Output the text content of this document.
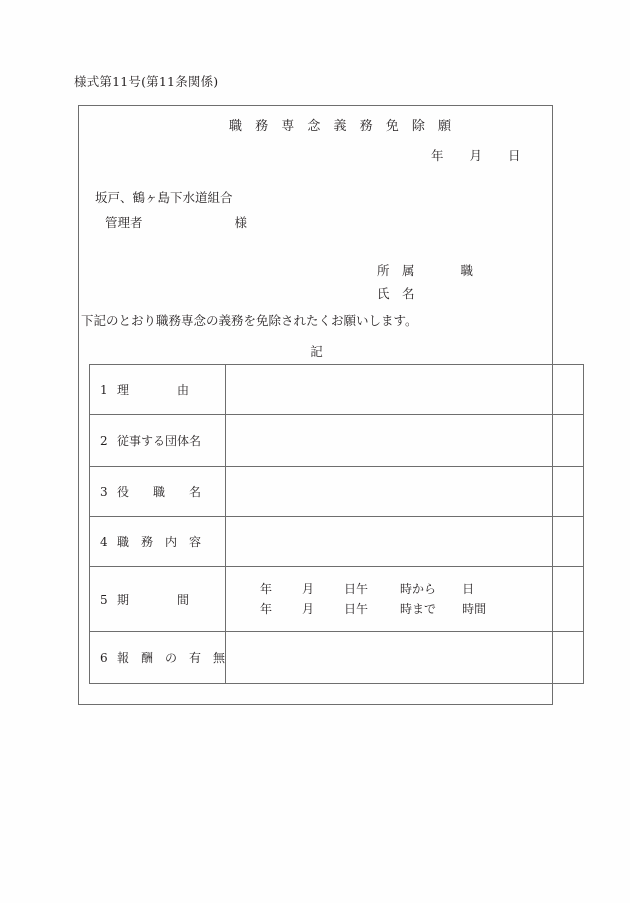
様式第11号(第11条関係)
職 務 専 念 義 務 免 除 願
年 月 日
坂戸、鶴ヶ島下水道組合
管理者	様
所　属	職
氏　名
下記のとおり職務専念の義務を免除されたくお願いします。
記
1 理　　　　由	
2 従事する団体名	
3 役　　職　　名	
4 職　務　内　容	
5 期　　　　間	年 月 日午 時から 日
年 月 日午 時まで 時間

6 報　酬　の　有　無	
